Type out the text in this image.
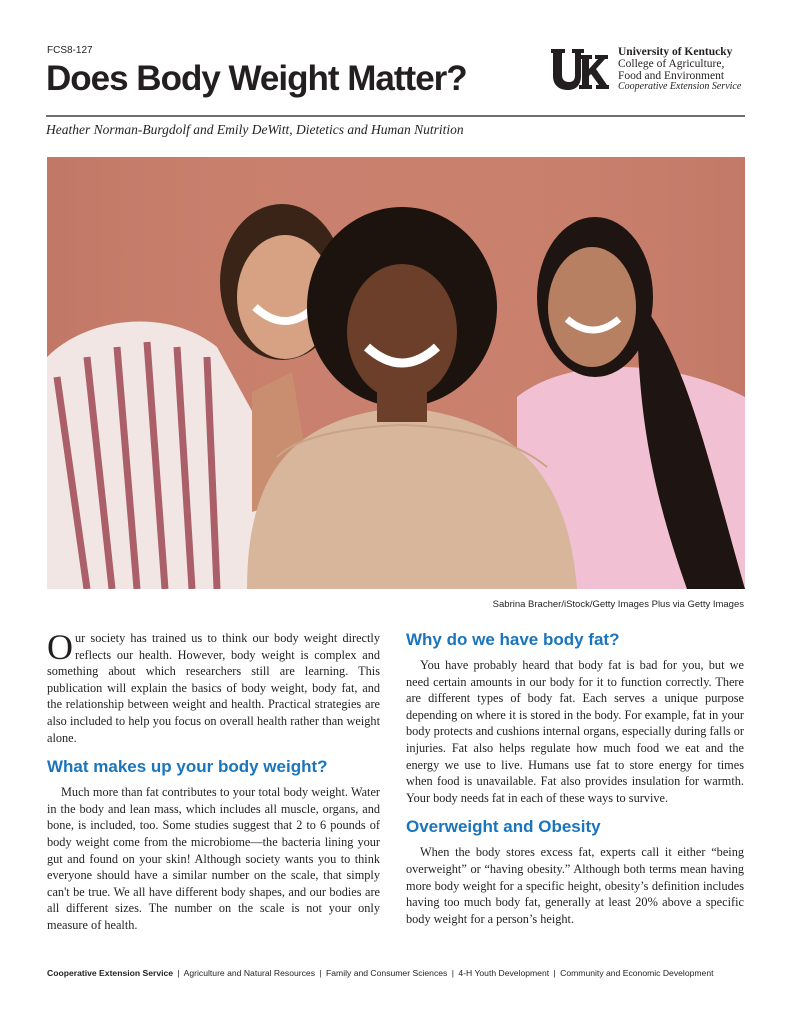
FCS8-127
Does Body Weight Matter?
University of Kentucky
College of Agriculture,
Food and Environment
Cooperative Extension Service
Heather Norman-Burgdolf and Emily DeWitt, Dietetics and Human Nutrition
Sabrina Bracher/iStock/Getty Images Plus via Getty Images

Our society has trained us to think our body weight directly reflects our health. However, body weight is complex and something about which researchers still are learning. This publication will explain the basics of body weight, body fat, and the relationship between weight and health. Practical strategies are also included to help you focus on overall health rather than weight alone.

What makes up your body weight?

Much more than fat contributes to your total body weight. Water in the body and lean mass, which includes all muscle, organs, and bone, is included, too. Some studies suggest that 2 to 6 pounds of body weight come from the microbiome—the bacteria lining your gut and found on your skin! Although society wants you to think everyone should have a similar number on the scale, that simply can't be true. We all have different body shapes, and our bodies are all different sizes. The number on the scale is not your only measure of health.

Why do we have body fat?

You have probably heard that body fat is bad for you, but we need certain amounts in our body for it to function correctly. There are different types of body fat. Each serves a unique purpose depending on where it is stored in the body. For example, fat in your body protects and cushions internal organs, especially during falls or injuries. Fat also helps regulate how much food we eat and the energy we use to live. Humans use fat to store energy for times when food is unavailable. Fat also provides insulation for warmth. Your body needs fat in each of these ways to survive.

Overweight and Obesity

When the body stores excess fat, experts call it either “being overweight” or “having obesity.” Although both terms mean having more body weight for a specific height, obesity’s definition includes having too much body fat, generally at least 20% above a specific body weight for a person’s height.

Cooperative Extension Service | Agriculture and Natural Resources | Family and Consumer Sciences | 4-H Youth Development | Community and Economic Development
